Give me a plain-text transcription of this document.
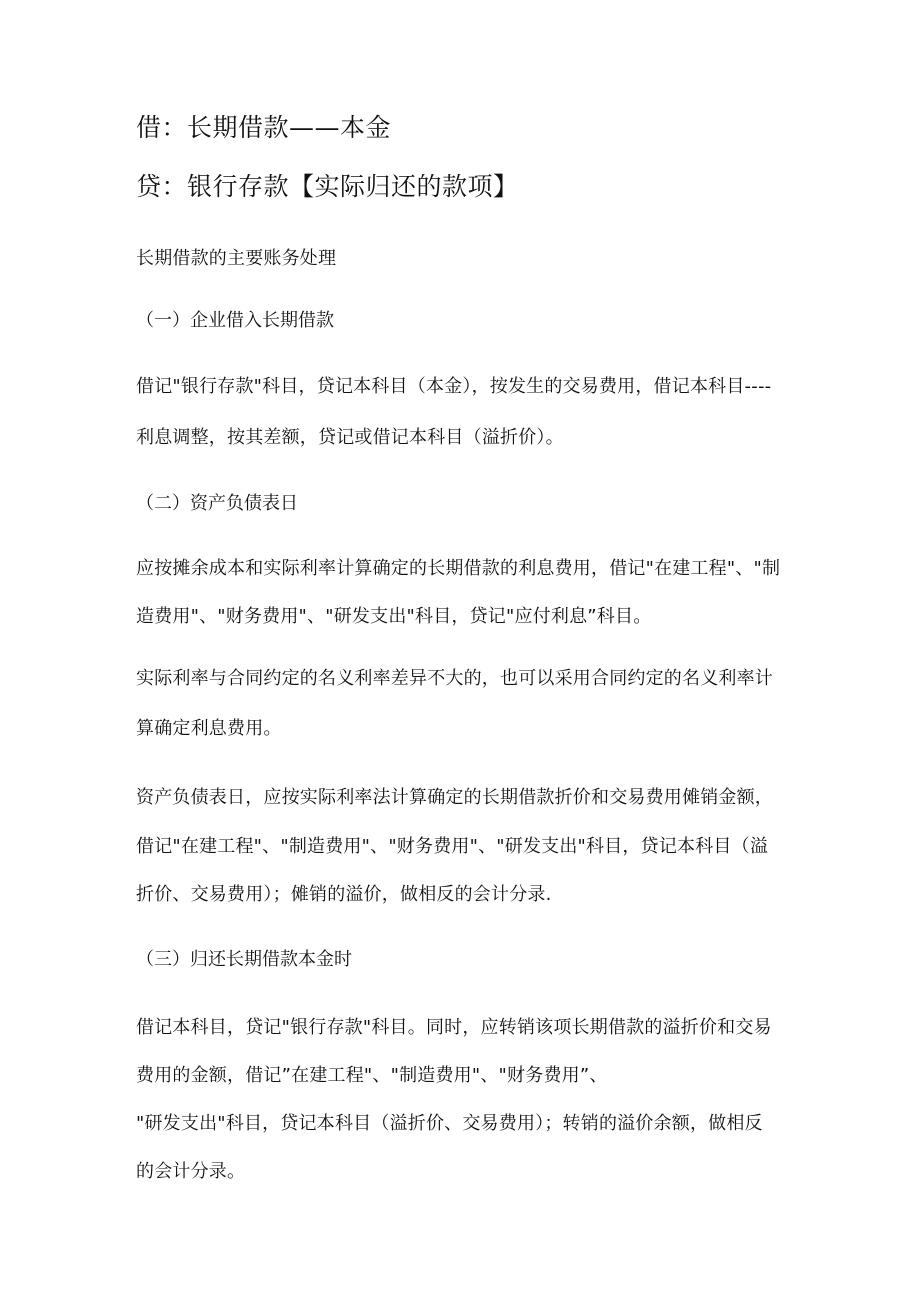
借：长期借款——本金
贷：银行存款【实际归还的款项】
长期借款的主要账务处理
（一）企业借入长期借款
借记"银行存款"科目，贷记本科目（本金），按发生的交易费用，借记本科目----
利息调整，按其差额，贷记或借记本科目（溢折价）。
（二）资产负债表日
应按摊余成本和实际利率计算确定的长期借款的利息费用，借记"在建工程"、"制
造费用"、"财务费用"、"研发支出"科目，贷记"应付利息”科目。
实际利率与合同约定的名义利率差异不大的，也可以采用合同约定的名义利率计
算确定利息费用。
资产负债表日，应按实际利率法计算确定的长期借款折价和交易费用傩销金额，
借记"在建工程"、"制造费用"、"财务费用"、"研发支出"科目，贷记本科目（溢
折价、交易费用）；傩销的溢价，做相反的会计分录.
（三）归还长期借款本金时
借记本科目，贷记"银行存款"科目。同时，应转销该项长期借款的溢折价和交易
费用的金额，借记”在建工程"、"制造费用"、"财务费用”、
"研发支出"科目，贷记本科目（溢折价、交易费用）；转销的溢价余额，做相反
的会计分录。
